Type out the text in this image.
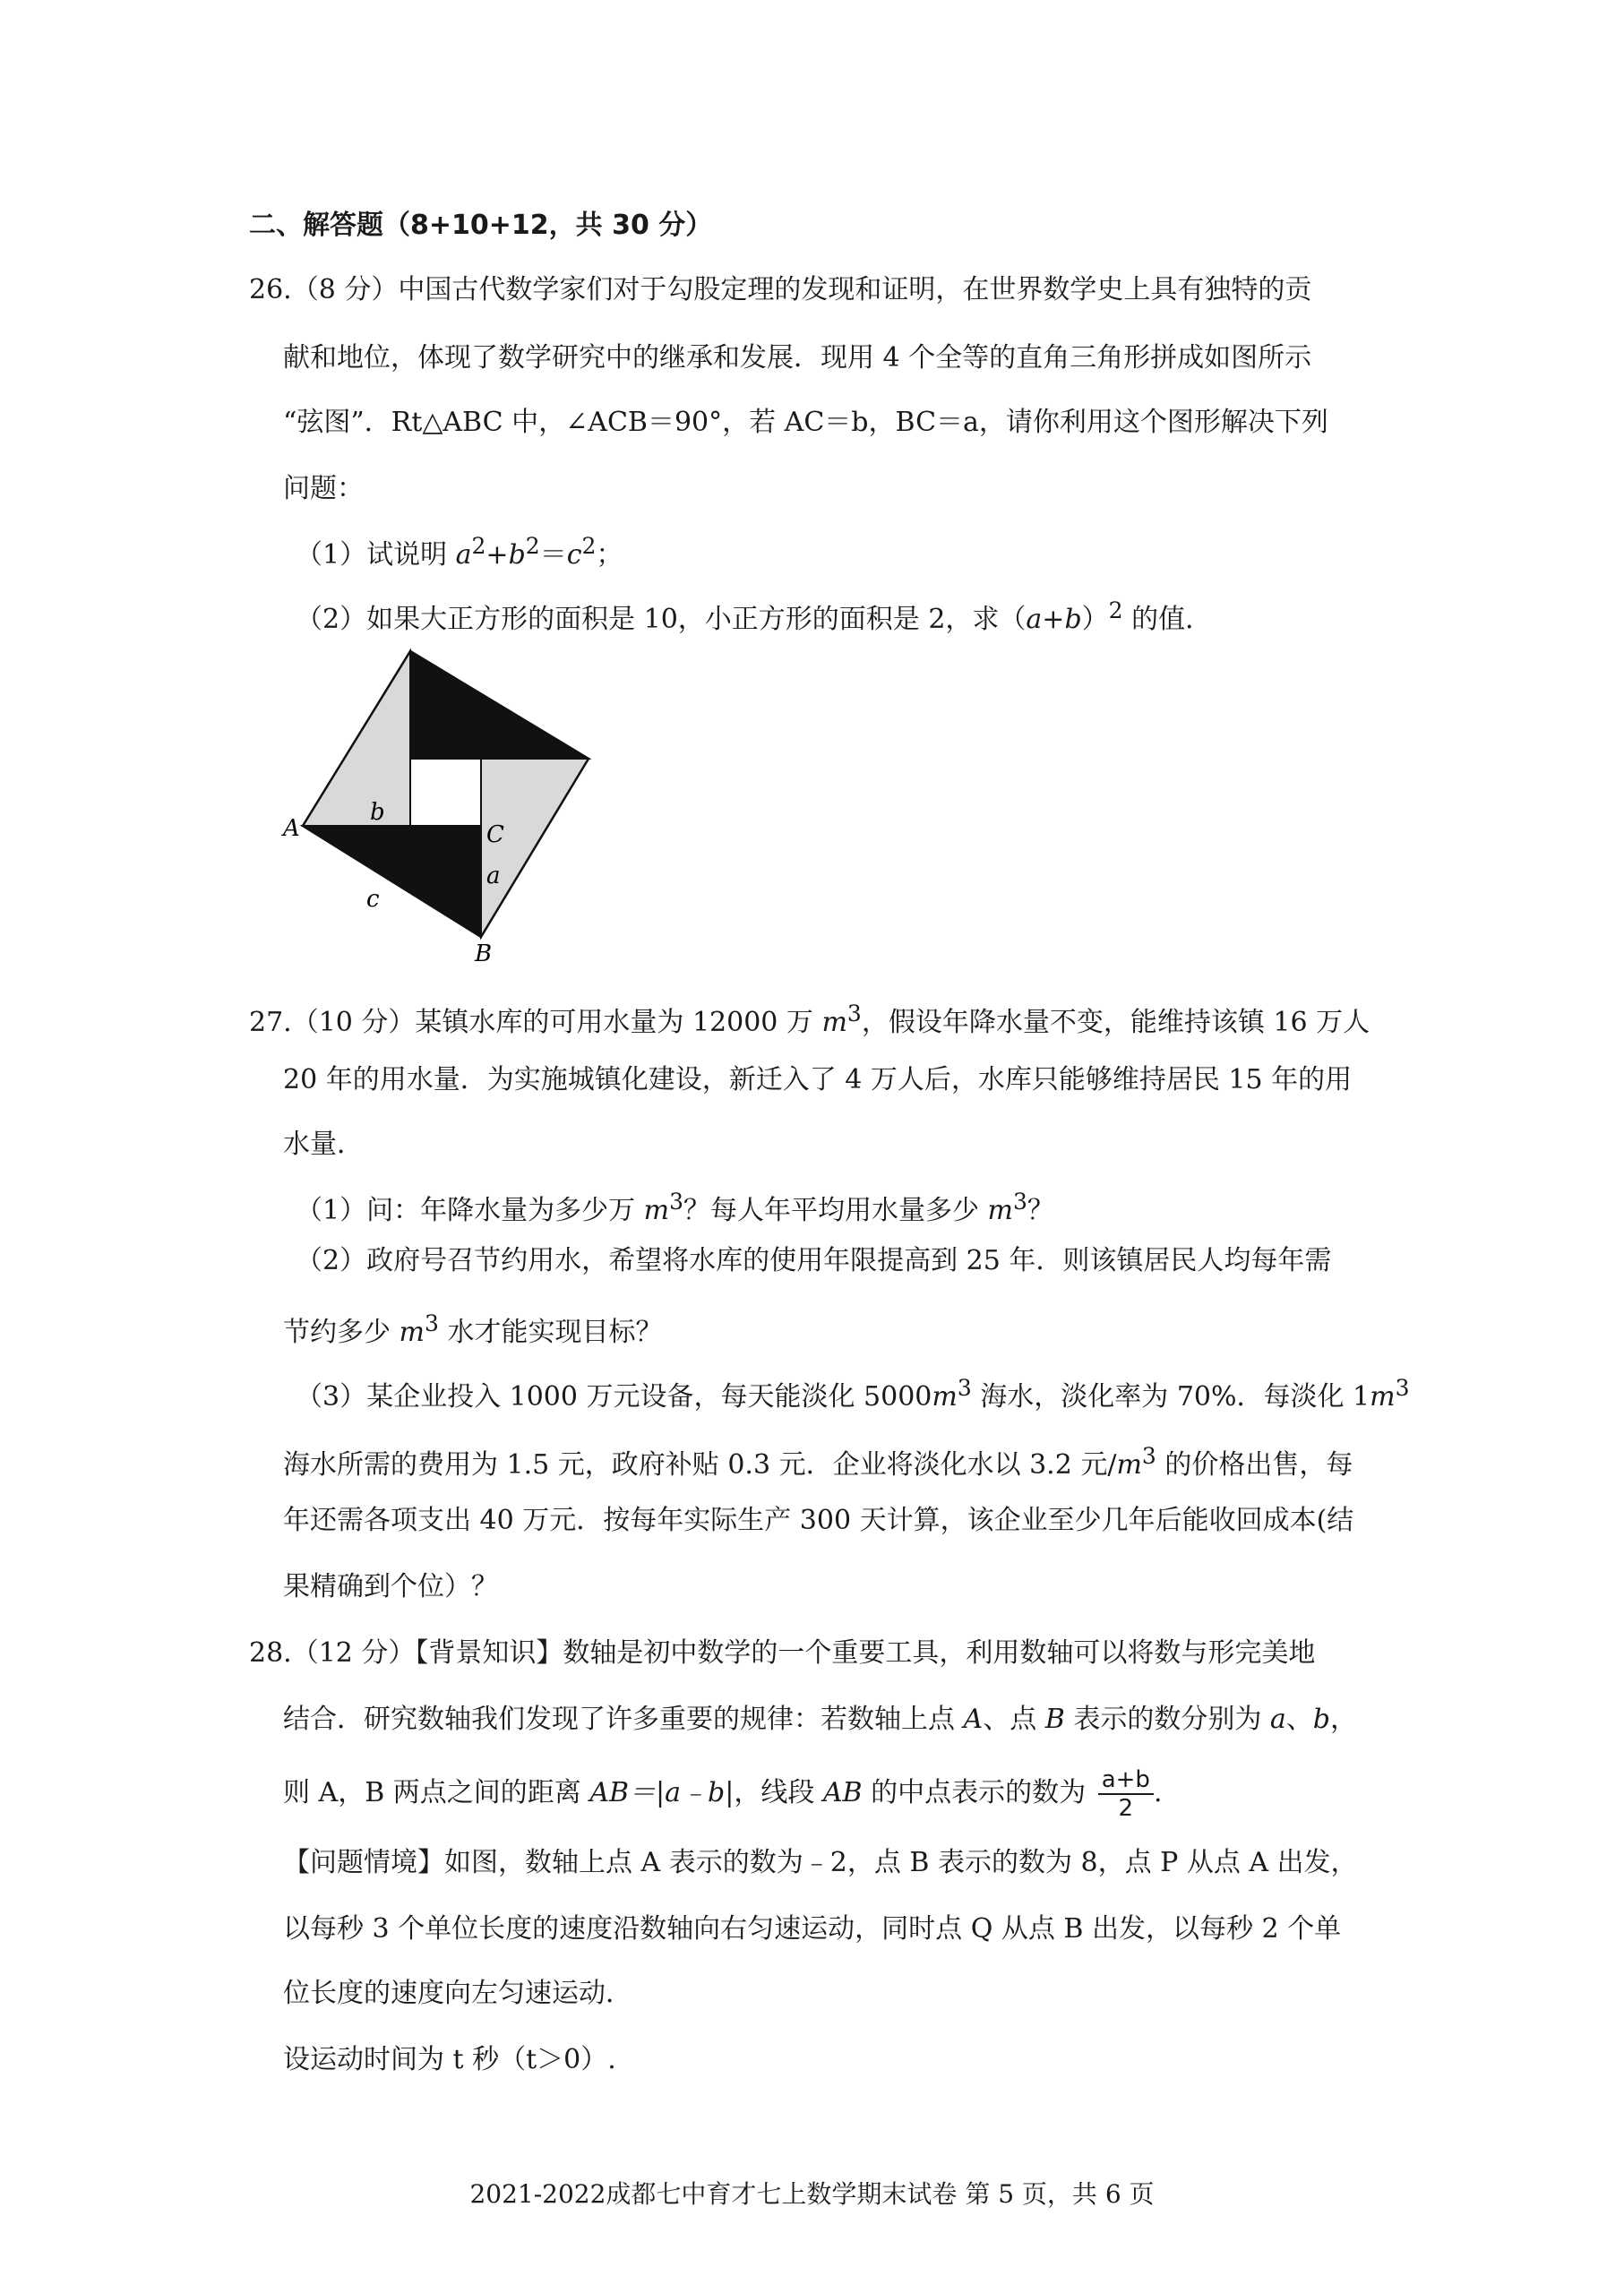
二、解答题（8+10+12，共 30 分）
26.（8 分）中国古代数学家们对于勾股定理的发现和证明，在世界数学史上具有独特的贡
献和地位，体现了数学研究中的继承和发展．现用 4 个全等的直角三角形拼成如图所示
“弦图”．Rt△ABC 中，∠ACB＝90°，若 AC＝b，BC＝a，请你利用这个图形解决下列
问题：
（1）试说明 $a^2+b^2=c^2$；
（2）如果大正方形的面积是 10，小正方形的面积是 2，求$(a+b)^2$ 的值．
A
b
C
a
c
B
27.（10 分）某镇水库的可用水量为 12000 万 $m^3$，假设年降水量不变，能维持该镇 16 万人
20 年的用水量．为实施城镇化建设，新迁入了 4 万人后，水库只能够维持居民 15 年的用
水量．
（1）问：年降水量为多少万 $m^3$？每人年平均用水量多少 $m^3$？
（2）政府号召节约用水，希望将水库的使用年限提高到 25 年．则该镇居民人均每年需
节约多少 $m^3$ 水才能实现目标？
（3）某企业投入 1000 万元设备，每天能淡化 $5000m^3$ 海水，淡化率为 70%．每淡化 $1m^3$
海水所需的费用为 1.5 元，政府补贴 0.3 元．企业将淡化水以 3.2 元$/m^3$ 的价格出售，每
年还需各项支出 40 万元．按每年实际生产 300 天计算，该企业至少几年后能收回成本(结
果精确到个位）？
28.（12 分）【背景知识】数轴是初中数学的一个重要工具，利用数轴可以将数与形完美地
结合．研究数轴我们发现了许多重要的规律：若数轴上点 A、点 B 表示的数分别为 a、b，
则 A，B 两点之间的距离 AB＝|a﹣b|，线段 AB 的中点表示的数为 $\frac{a+b}{2}$ .
【问题情境】如图，数轴上点 A 表示的数为﹣2，点 B 表示的数为 8，点 P 从点 A 出发，
以每秒 3 个单位长度的速度沿数轴向右匀速运动，同时点 Q 从点 B 出发，以每秒 2 个单
位长度的速度向左匀速运动．
设运动时间为 t 秒（t＞0）.
2021-2022成都七中育才七上数学期末试卷 第 5 页，共 6 页
